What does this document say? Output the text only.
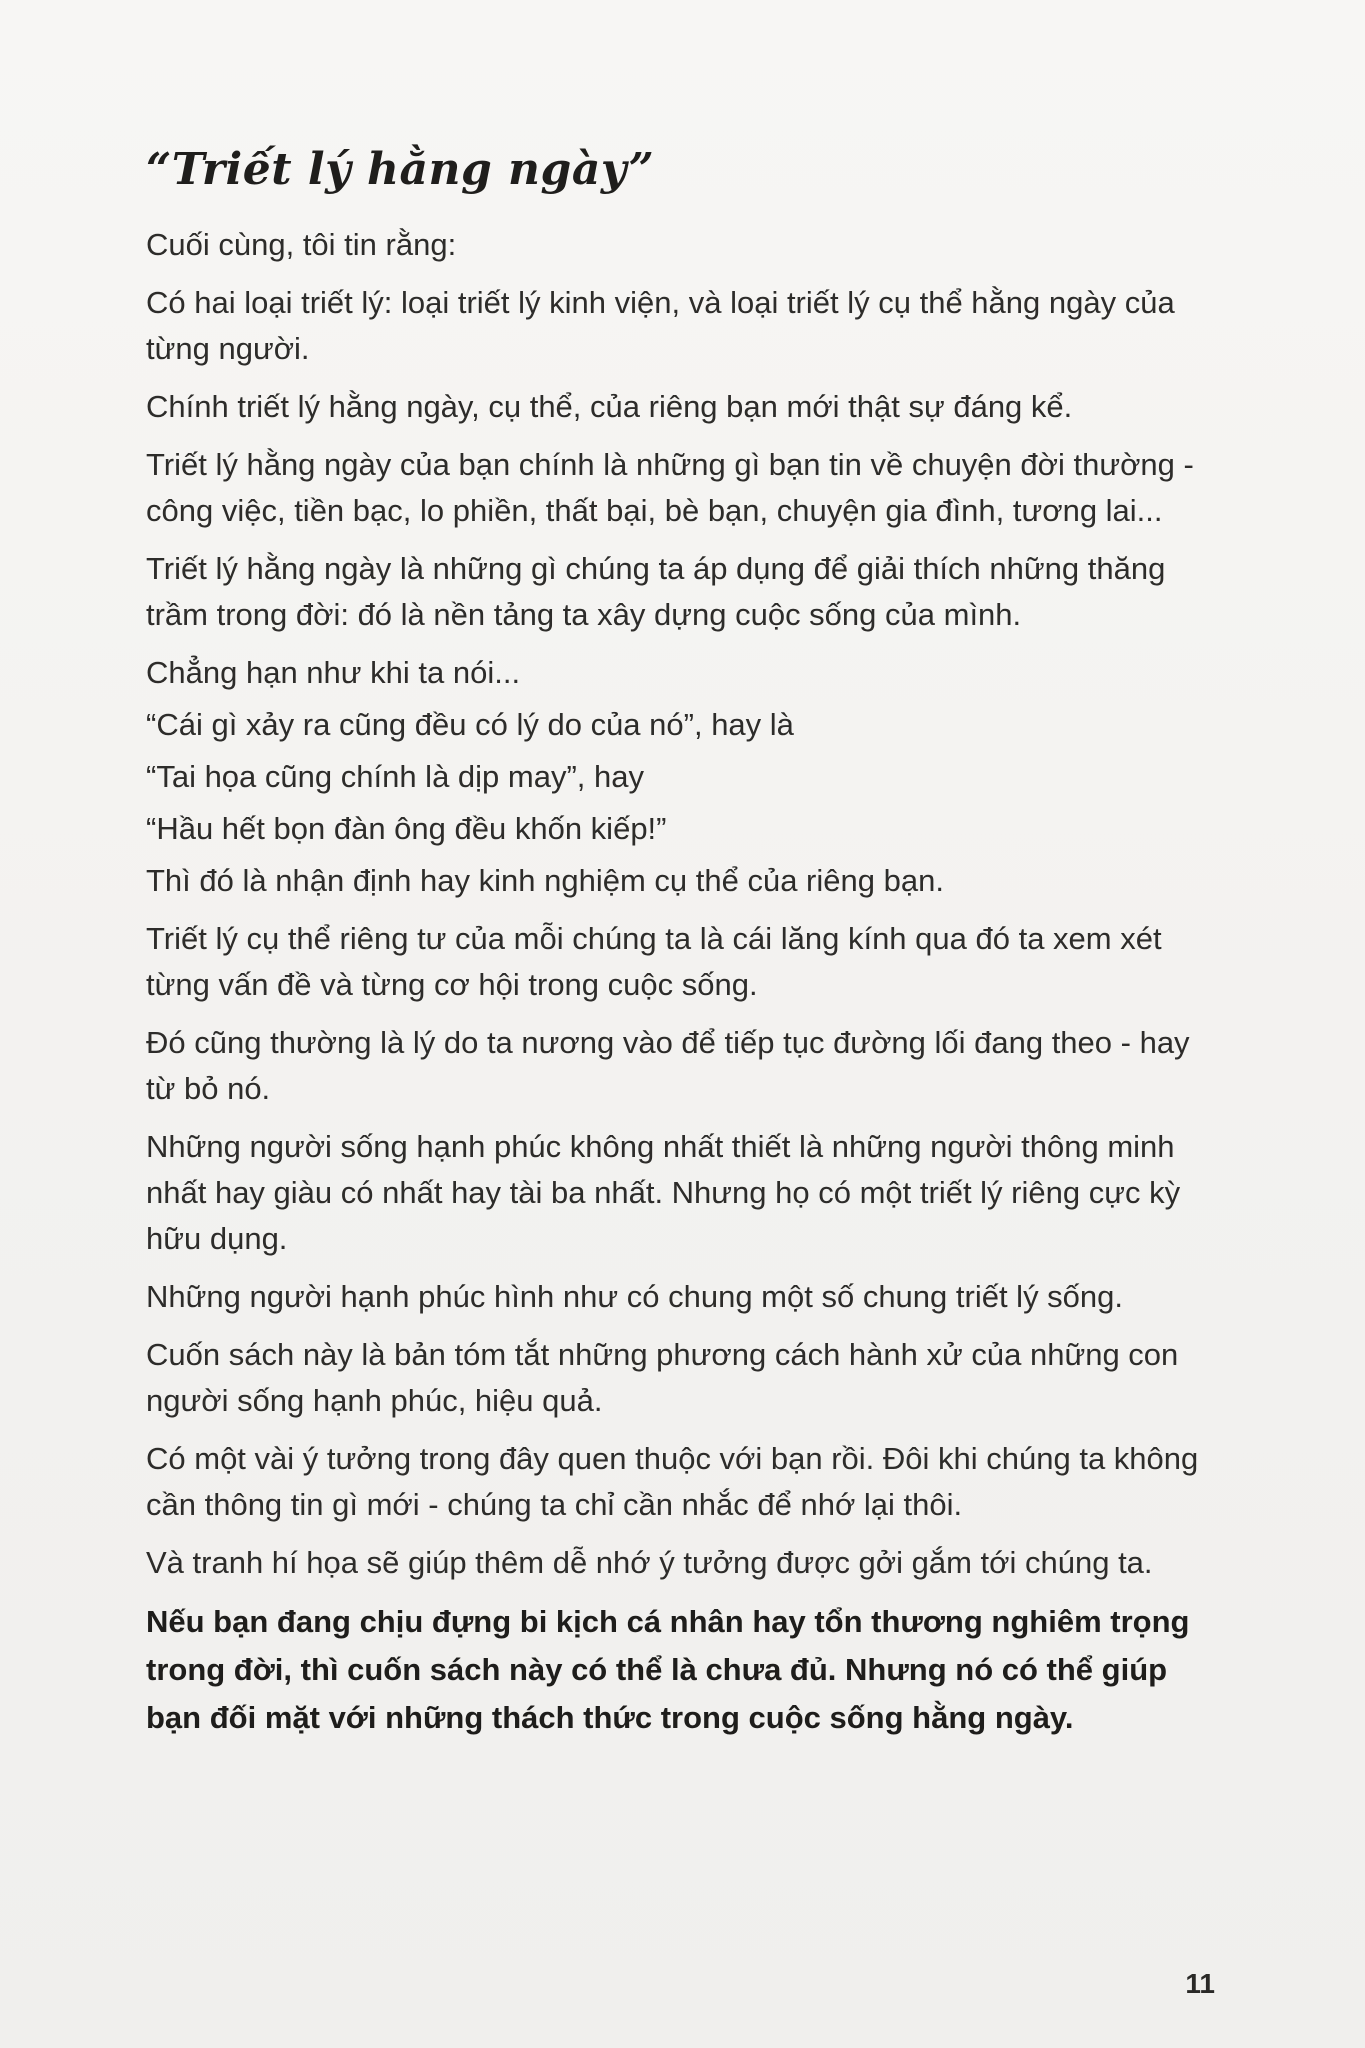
“Triết lý hằng ngày”

Cuối cùng, tôi tin rằng:

Có hai loại triết lý: loại triết lý kinh viện, và loại triết lý cụ thể hằng ngày của từng người.

Chính triết lý hằng ngày, cụ thể, của riêng bạn mới thật sự đáng kể.

Triết lý hằng ngày của bạn chính là những gì bạn tin về chuyện đời thường - công việc, tiền bạc, lo phiền, thất bại, bè bạn, chuyện gia đình, tương lai...

Triết lý hằng ngày là những gì chúng ta áp dụng để giải thích những thăng trầm trong đời: đó là nền tảng ta xây dựng cuộc sống của mình.

Chẳng hạn như khi ta nói...

“Cái gì xảy ra cũng đều có lý do của nó”, hay là

“Tai họa cũng chính là dịp may”, hay

“Hầu hết bọn đàn ông đều khốn kiếp!”

Thì đó là nhận định hay kinh nghiệm cụ thể của riêng bạn.

Triết lý cụ thể riêng tư của mỗi chúng ta là cái lăng kính qua đó ta xem xét từng vấn đề và từng cơ hội trong cuộc sống.

Đó cũng thường là lý do ta nương vào để tiếp tục đường lối đang theo - hay từ bỏ nó.

Những người sống hạnh phúc không nhất thiết là những người thông minh nhất hay giàu có nhất hay tài ba nhất. Nhưng họ có một triết lý riêng cực kỳ hữu dụng.

Những người hạnh phúc hình như có chung một số chung triết lý sống.

Cuốn sách này là bản tóm tắt những phương cách hành xử của những con người sống hạnh phúc, hiệu quả.

Có một vài ý tưởng trong đây quen thuộc với bạn rồi. Đôi khi chúng ta không cần thông tin gì mới - chúng ta chỉ cần nhắc để nhớ lại thôi.

Và tranh hí họa sẽ giúp thêm dễ nhớ ý tưởng được gởi gắm tới chúng ta.

Nếu bạn đang chịu đựng bi kịch cá nhân hay tổn thương nghiêm trọng trong đời, thì cuốn sách này có thể là chưa đủ. Nhưng nó có thể giúp bạn đối mặt với những thách thức trong cuộc sống hằng ngày.

11
